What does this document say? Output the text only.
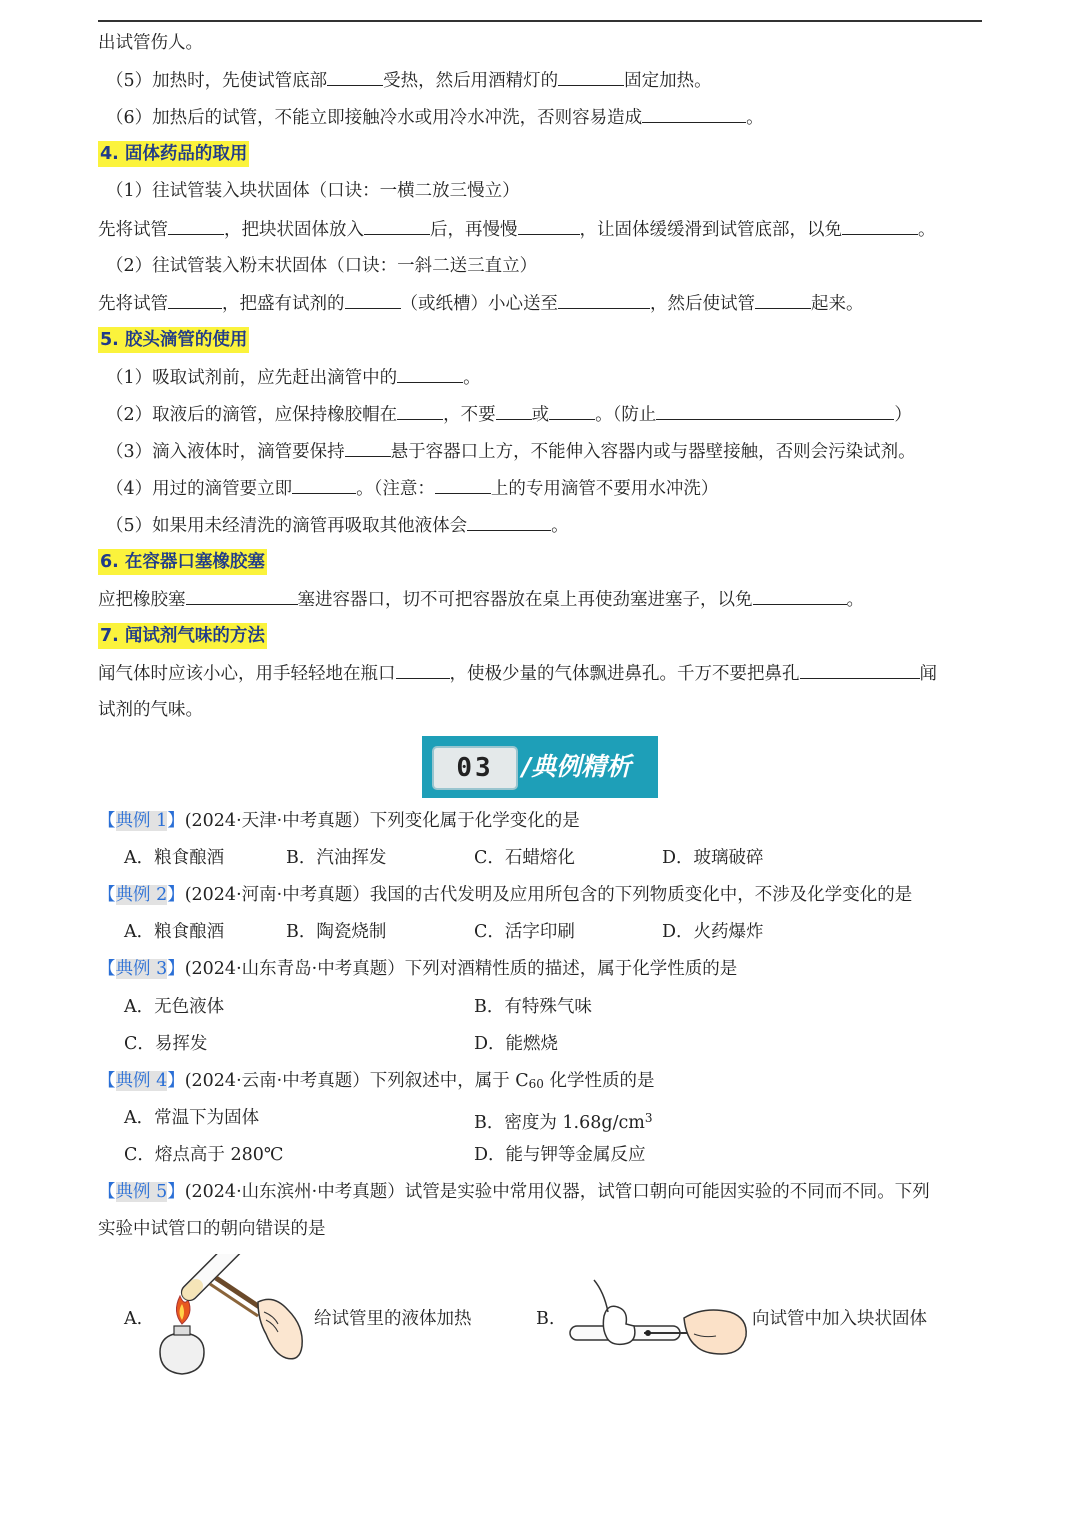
出试管伤人。
（5）加热时，先使试管底部	受热，然后用酒精灯的	固定加热。
（6）加热后的试管，不能立即接触冷水或用冷水冲洗，否则容易造成	。
4. 固体药品的取用
（1）往试管装入块状固体（口诀：一横二放三慢立）
先将试管	，把块状固体放入	后，再慢慢	，让固体缓缓滑到试管底部，以免	。
（2）往试管装入粉末状固体（口诀：一斜二送三直立）
先将试管	，把盛有试剂的	（或纸槽）小心送至	，然后使试管	起来。
5. 胶头滴管的使用
（1）吸取试剂前，应先赶出滴管中的	。
（2）取液后的滴管，应保持橡胶帽在	，不要 或	。（防止	）
（3）滴入液体时，滴管要保持	悬于容器口上方，不能伸入容器内或与器壁接触，否则会污染试剂。
（4）用过的滴管要立即	。（注意：	上的专用滴管不要用水冲洗）
（5）如果用未经清洗的滴管再吸取其他液体会	。
6. 在容器口塞橡胶塞
应把橡胶塞	塞进容器口，切不可把容器放在桌上再使劲塞进塞子，以免	。
7. 闻试剂气味的方法
闻气体时应该小心，用手轻轻地在瓶口	，使极少量的气体飘进鼻孔。千万不要把鼻孔	闻
试剂的气味。
03	/典例精析
【典例 1】(2024·天津·中考真题）下列变化属于化学变化的是
A．粮食酿酒	B．汽油挥发	C．石蜡熔化	D．玻璃破碎
【典例 2】(2024·河南·中考真题）我国的古代发明及应用所包含的下列物质变化中，不涉及化学变化的是
A．粮食酿酒	B．陶瓷烧制	C．活字印刷	D．火药爆炸
【典例 3】(2024·山东青岛·中考真题）下列对酒精性质的描述，属于化学性质的是
A．无色液体	B．有特殊气味
C．易挥发	D．能燃烧
【典例 4】(2024·云南·中考真题）下列叙述中，属于 $C_{60}$ 化学性质的是
A．常温下为固体	B．密度为 $1.68g/cm^3$
C．熔点高于 280℃	D．能与钾等金属反应
【典例 5】(2024·山东滨州·中考真题）试管是实验中常用仪器，试管口朝向可能因实验的不同而不同。下列
实验中试管口的朝向错误的是
A.	给试管里的液体加热	B.	向试管中加入块状固体
